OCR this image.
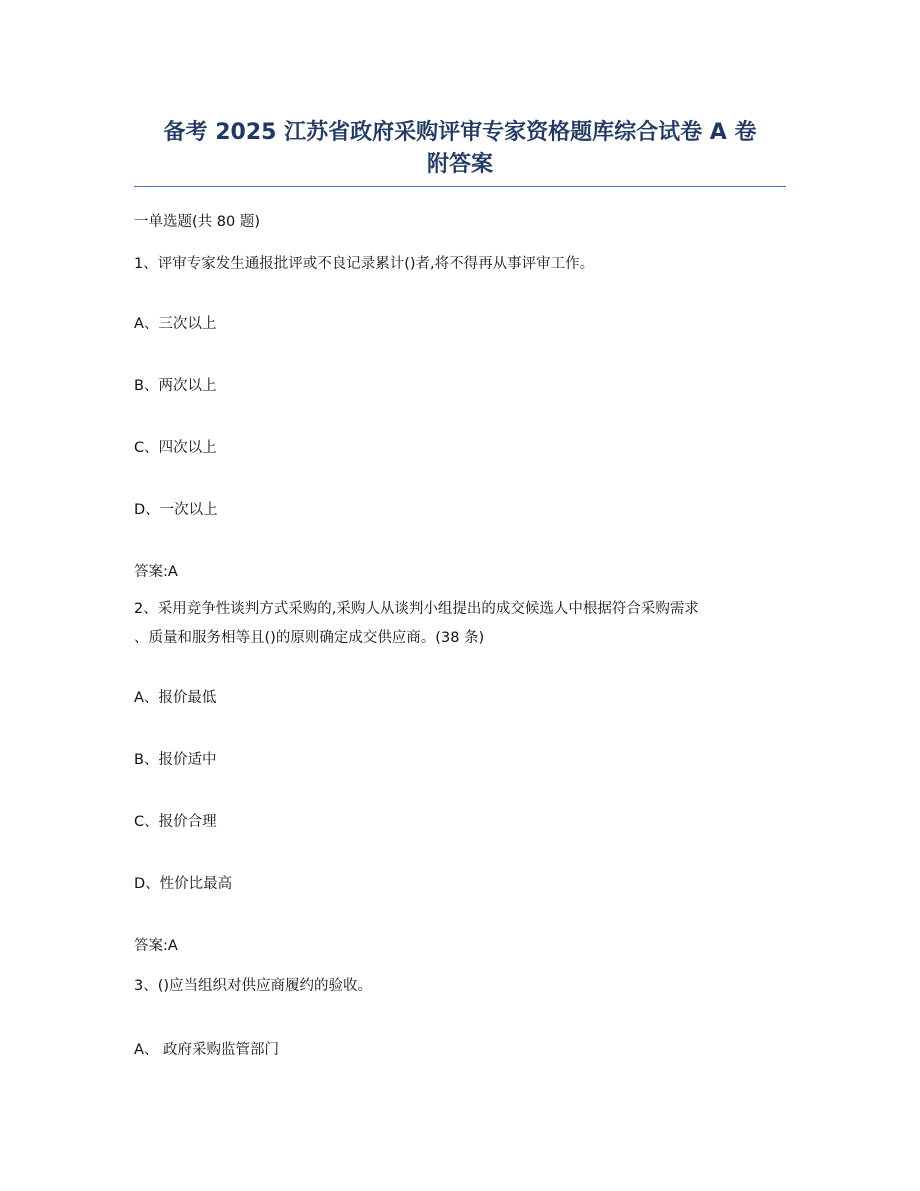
备考 2025 江苏省政府采购评审专家资格题库综合试卷 A 卷
附答案
一单选题(共 80 题)
1、评审专家发生通报批评或不良记录累计()者,将不得再从事评审工作。
A、三次以上
B、两次以上
C、四次以上
D、一次以上
答案:A
2、采用竞争性谈判方式采购的,采购人从谈判小组提出的成交候选人中根据符合采购需求
、质量和服务相等且()的原则确定成交供应商。(38 条)
A、报价最低
B、报价适中
C、报价合理
D、性价比最高
答案:A
3、()应当组织对供应商履约的验收。
A、 政府采购监管部门
